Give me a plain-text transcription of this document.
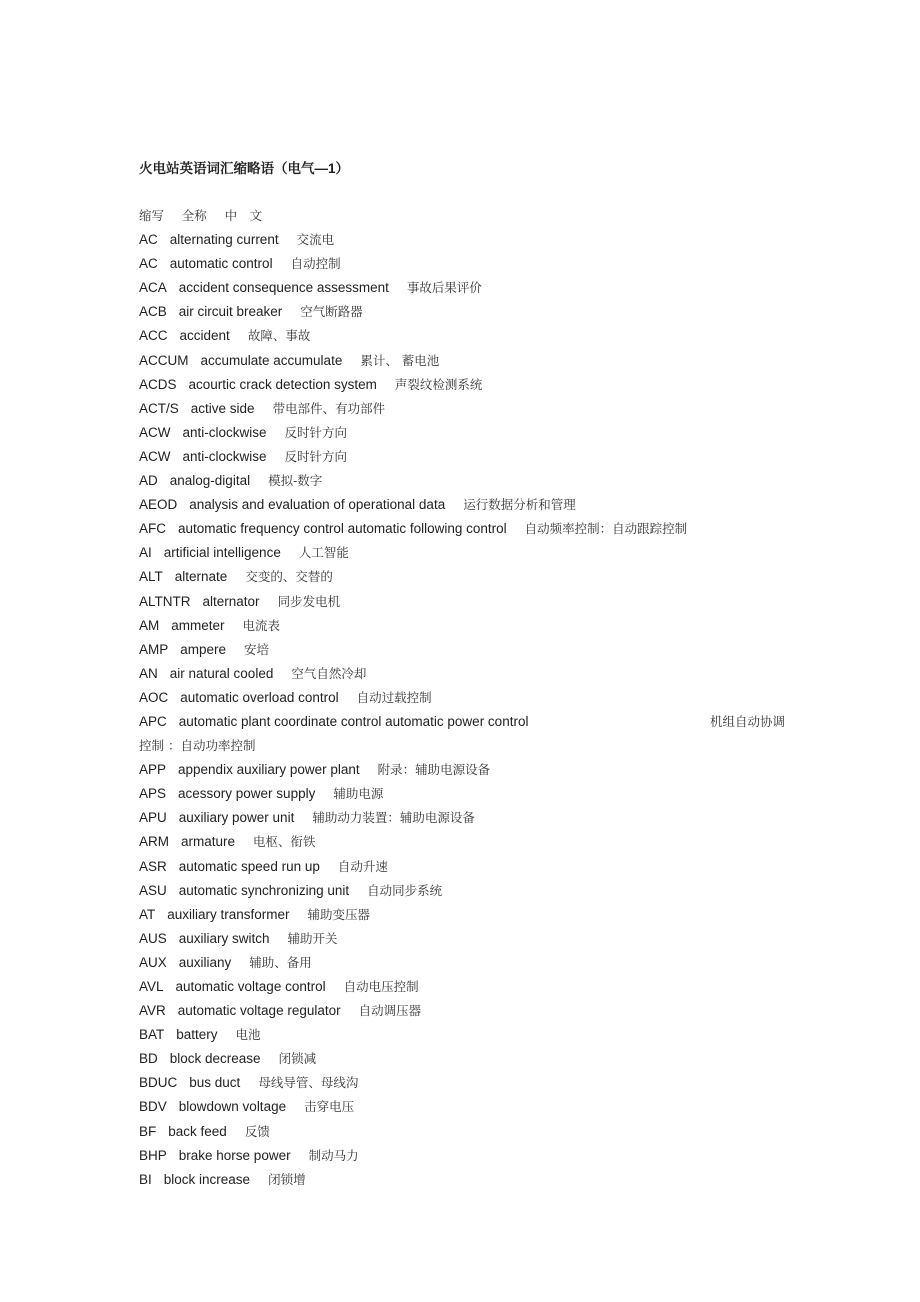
火电站英语词汇缩略语（电气—1）
缩写 全称 中　文
AC alternating current 交流电
AC automatic control 自动控制
ACA accident consequence assessment 事故后果评价
ACB air circuit breaker 空气断路器
ACC accident 故障、事故
ACCUM accumulate accumulate 累计、 蓄电池
ACDS acourtic crack detection system 声裂纹检测系统
ACT/S active side 带电部件、有功部件
ACW anti-clockwise 反时针方向
ACW anti-clockwise 反时针方向
AD analog-digital 模拟-数字
AEOD analysis and evaluation of operational data 运行数据分析和管理
AFC automatic frequency control automatic following control 自动频率控制：自动跟踪控制
AI artificial intelligence 人工智能
ALT alternate 交变的、交替的
ALTNTR alternator 同步发电机
AM ammeter 电流表
AMP ampere 安培
AN air natural cooled 空气自然冷却
AOC automatic overload control 自动过载控制
APC automatic plant coordinate control automatic power control	机组自动协调
控制 ：自动功率控制
APP appendix auxiliary power plant 附录：辅助电源设备
APS acessory power supply 辅助电源
APU auxiliary power unit 辅助动力装置：辅助电源设备
ARM armature 电枢、衔铁
ASR automatic speed run up 自动升速
ASU automatic synchronizing unit 自动同步系统
AT auxiliary transformer 辅助变压器
AUS auxiliary switch 辅助开关
AUX auxiliany 辅助、备用
AVL automatic voltage control 自动电压控制
AVR automatic voltage regulator 自动调压器
BAT battery 电池
BD block decrease 闭锁减
BDUC bus duct 母线导管、母线沟
BDV blowdown voltage 击穿电压
BF back feed 反馈
BHP brake horse power 制动马力
BI block increase 闭锁增
